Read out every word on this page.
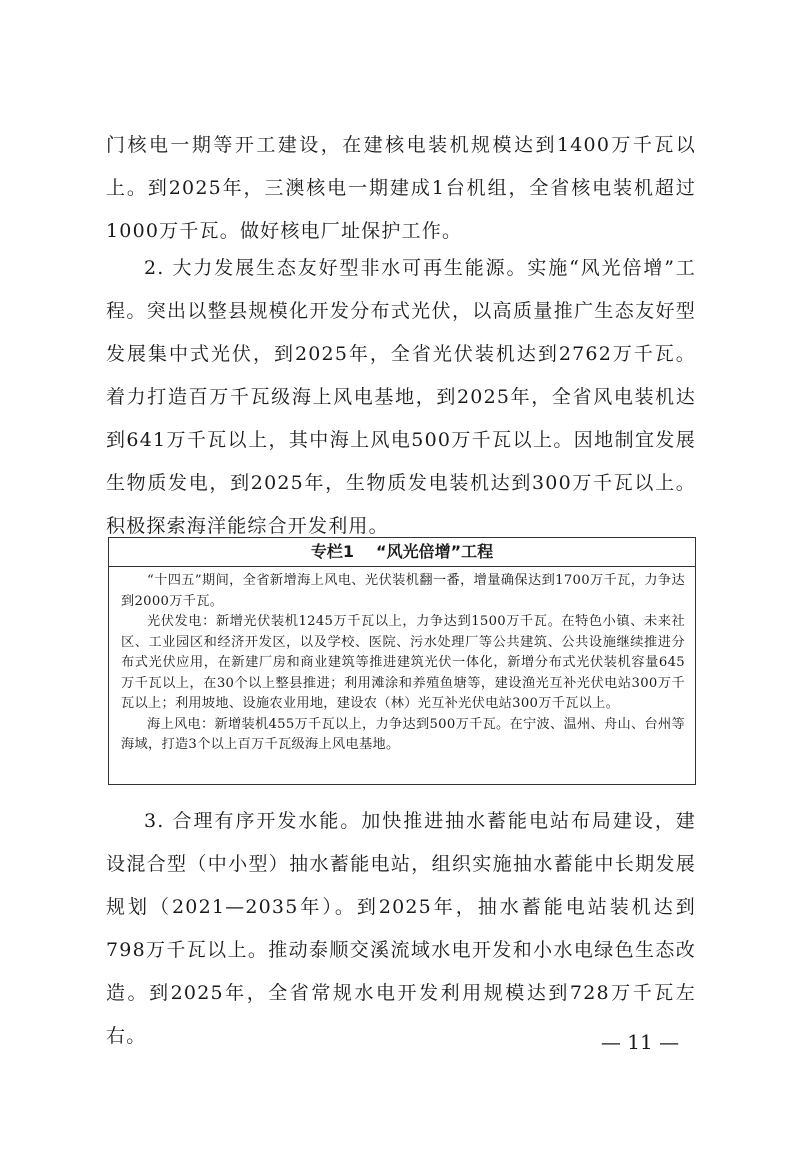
门核电一期等开工建设，在建核电装机规模达到1400万千瓦以上。到2025年，三澳核电一期建成1台机组，全省核电装机超过1000万千瓦。做好核电厂址保护工作。

2. 大力发展生态友好型非水可再生能源。实施“风光倍增”工程。突出以整县规模化开发分布式光伏，以高质量推广生态友好型发展集中式光伏，到2025年，全省光伏装机达到2762万千瓦。着力打造百万千瓦级海上风电基地，到2025年，全省风电装机达到641万千瓦以上，其中海上风电500万千瓦以上。因地制宜发展生物质发电，到2025年，生物质发电装机达到300万千瓦以上。积极探索海洋能综合开发利用。

专栏1 “风光倍增”工程

“十四五”期间，全省新增海上风电、光伏装机翻一番，增量确保达到1700万千瓦，力争达到2000万千瓦。

光伏发电：新增光伏装机1245万千瓦以上，力争达到1500万千瓦。在特色小镇、未来社区、工业园区和经济开发区，以及学校、医院、污水处理厂等公共建筑、公共设施继续推进分布式光伏应用，在新建厂房和商业建筑等推进建筑光伏一体化，新增分布式光伏装机容量645万千瓦以上，在30个以上整县推进；利用滩涂和养殖鱼塘等，建设渔光互补光伏电站300万千瓦以上；利用坡地、设施农业用地，建设农（林）光互补光伏电站300万千瓦以上。

海上风电：新增装机455万千瓦以上，力争达到500万千瓦。在宁波、温州、舟山、台州等海域，打造3个以上百万千瓦级海上风电基地。

3. 合理有序开发水能。加快推进抽水蓄能电站布局建设，建设混合型（中小型）抽水蓄能电站，组织实施抽水蓄能中长期发展规划（2021—2035年）。到2025年，抽水蓄能电站装机达到798万千瓦以上。推动泰顺交溪流域水电开发和小水电绿色生态改造。到2025年，全省常规水电开发利用规模达到728万千瓦左右。	— 11 —
